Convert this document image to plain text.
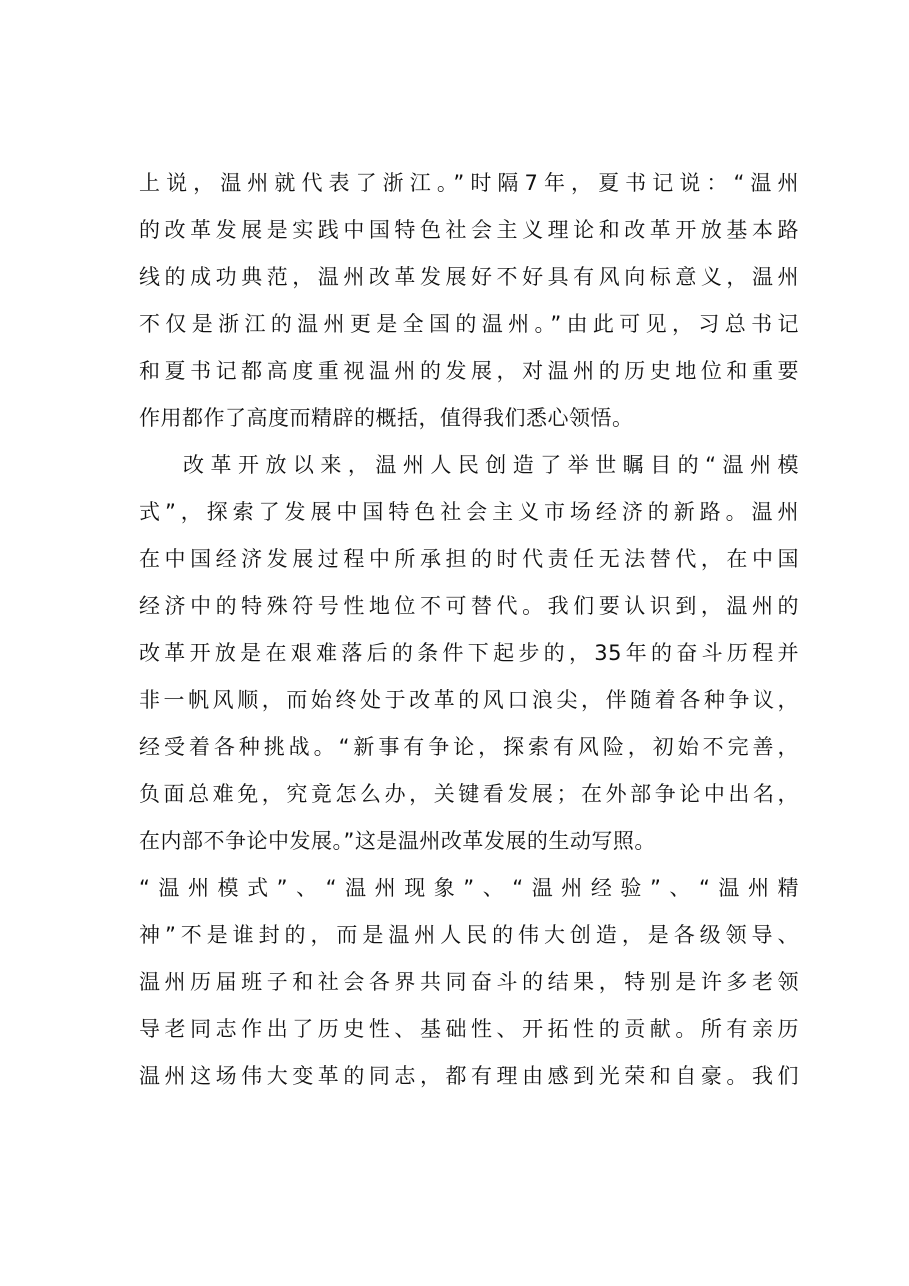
上说，温州就代表了浙江。”时隔7年，夏书记说：“温州
的改革发展是实践中国特色社会主义理论和改革开放基本路
线的成功典范，温州改革发展好不好具有风向标意义，温州
不仅是浙江的温州更是全国的温州。”由此可见，习总书记
和夏书记都高度重视温州的发展，对温州的历史地位和重要
作用都作了高度而精辟的概括，值得我们悉心领悟。
改革开放以来，温州人民创造了举世瞩目的“温州模
式”，探索了发展中国特色社会主义市场经济的新路。温州
在中国经济发展过程中所承担的时代责任无法替代，在中国
经济中的特殊符号性地位不可替代。我们要认识到，温州的
改革开放是在艰难落后的条件下起步的，35年的奋斗历程并
非一帆风顺，而始终处于改革的风口浪尖，伴随着各种争议，
经受着各种挑战。“新事有争论，探索有风险，初始不完善，
负面总难免，究竟怎么办，关键看发展；在外部争论中出名，
在内部不争论中发展。”这是温州改革发展的生动写照。
“温州模式”、“温州现象”、“温州经验”、“温州精
神”不是谁封的，而是温州人民的伟大创造，是各级领导、
温州历届班子和社会各界共同奋斗的结果，特别是许多老领
导老同志作出了历史性、基础性、开拓性的贡献。所有亲历
温州这场伟大变革的同志，都有理由感到光荣和自豪。我们
